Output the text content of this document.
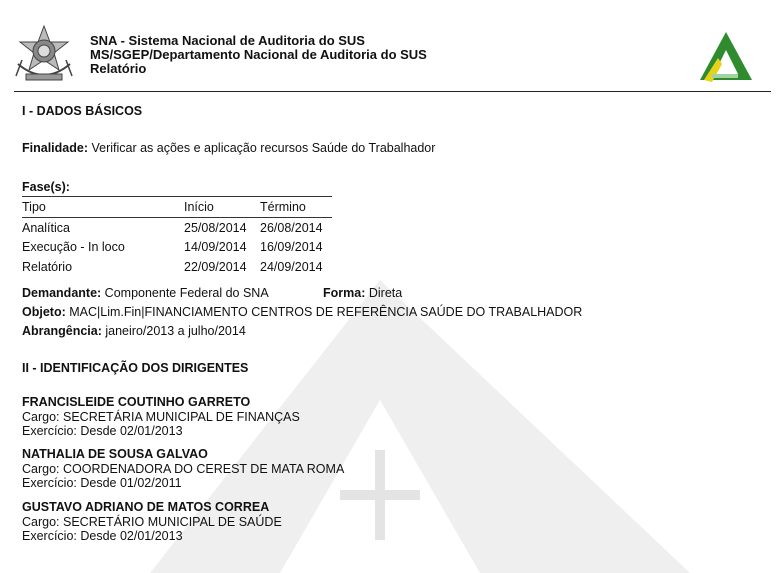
SNA - Sistema Nacional de Auditoria do SUS
MS/SGEP/Departamento Nacional de Auditoria do SUS
Relatório
I - DADOS BÁSICOS
Finalidade: Verificar as ações e aplicação recursos Saúde do Trabalhador
Fase(s):
Tipo	Início	Término
Analítica	25/08/2014	26/08/2014
Execução - In loco	14/09/2014	16/09/2014
Relatório	22/09/2014	24/09/2014
Demandante: Componente Federal do SNA	Forma: Direta
Objeto: MAC|Lim.Fin|FINANCIAMENTO CENTROS DE REFERÊNCIA SAÚDE DO TRABALHADOR
Abrangência: janeiro/2013 a julho/2014
II - IDENTIFICAÇÃO DOS DIRIGENTES
FRANCISLEIDE COUTINHO GARRETO
Cargo: SECRETÁRIA MUNICIPAL DE FINANÇAS
Exercício: Desde 02/01/2013
NATHALIA DE SOUSA GALVAO
Cargo: COORDENADORA DO CEREST DE MATA ROMA
Exercício: Desde 01/02/2011
GUSTAVO ADRIANO DE MATOS CORREA
Cargo: SECRETÁRIO MUNICIPAL DE SAÚDE
Exercício: Desde 02/01/2013
